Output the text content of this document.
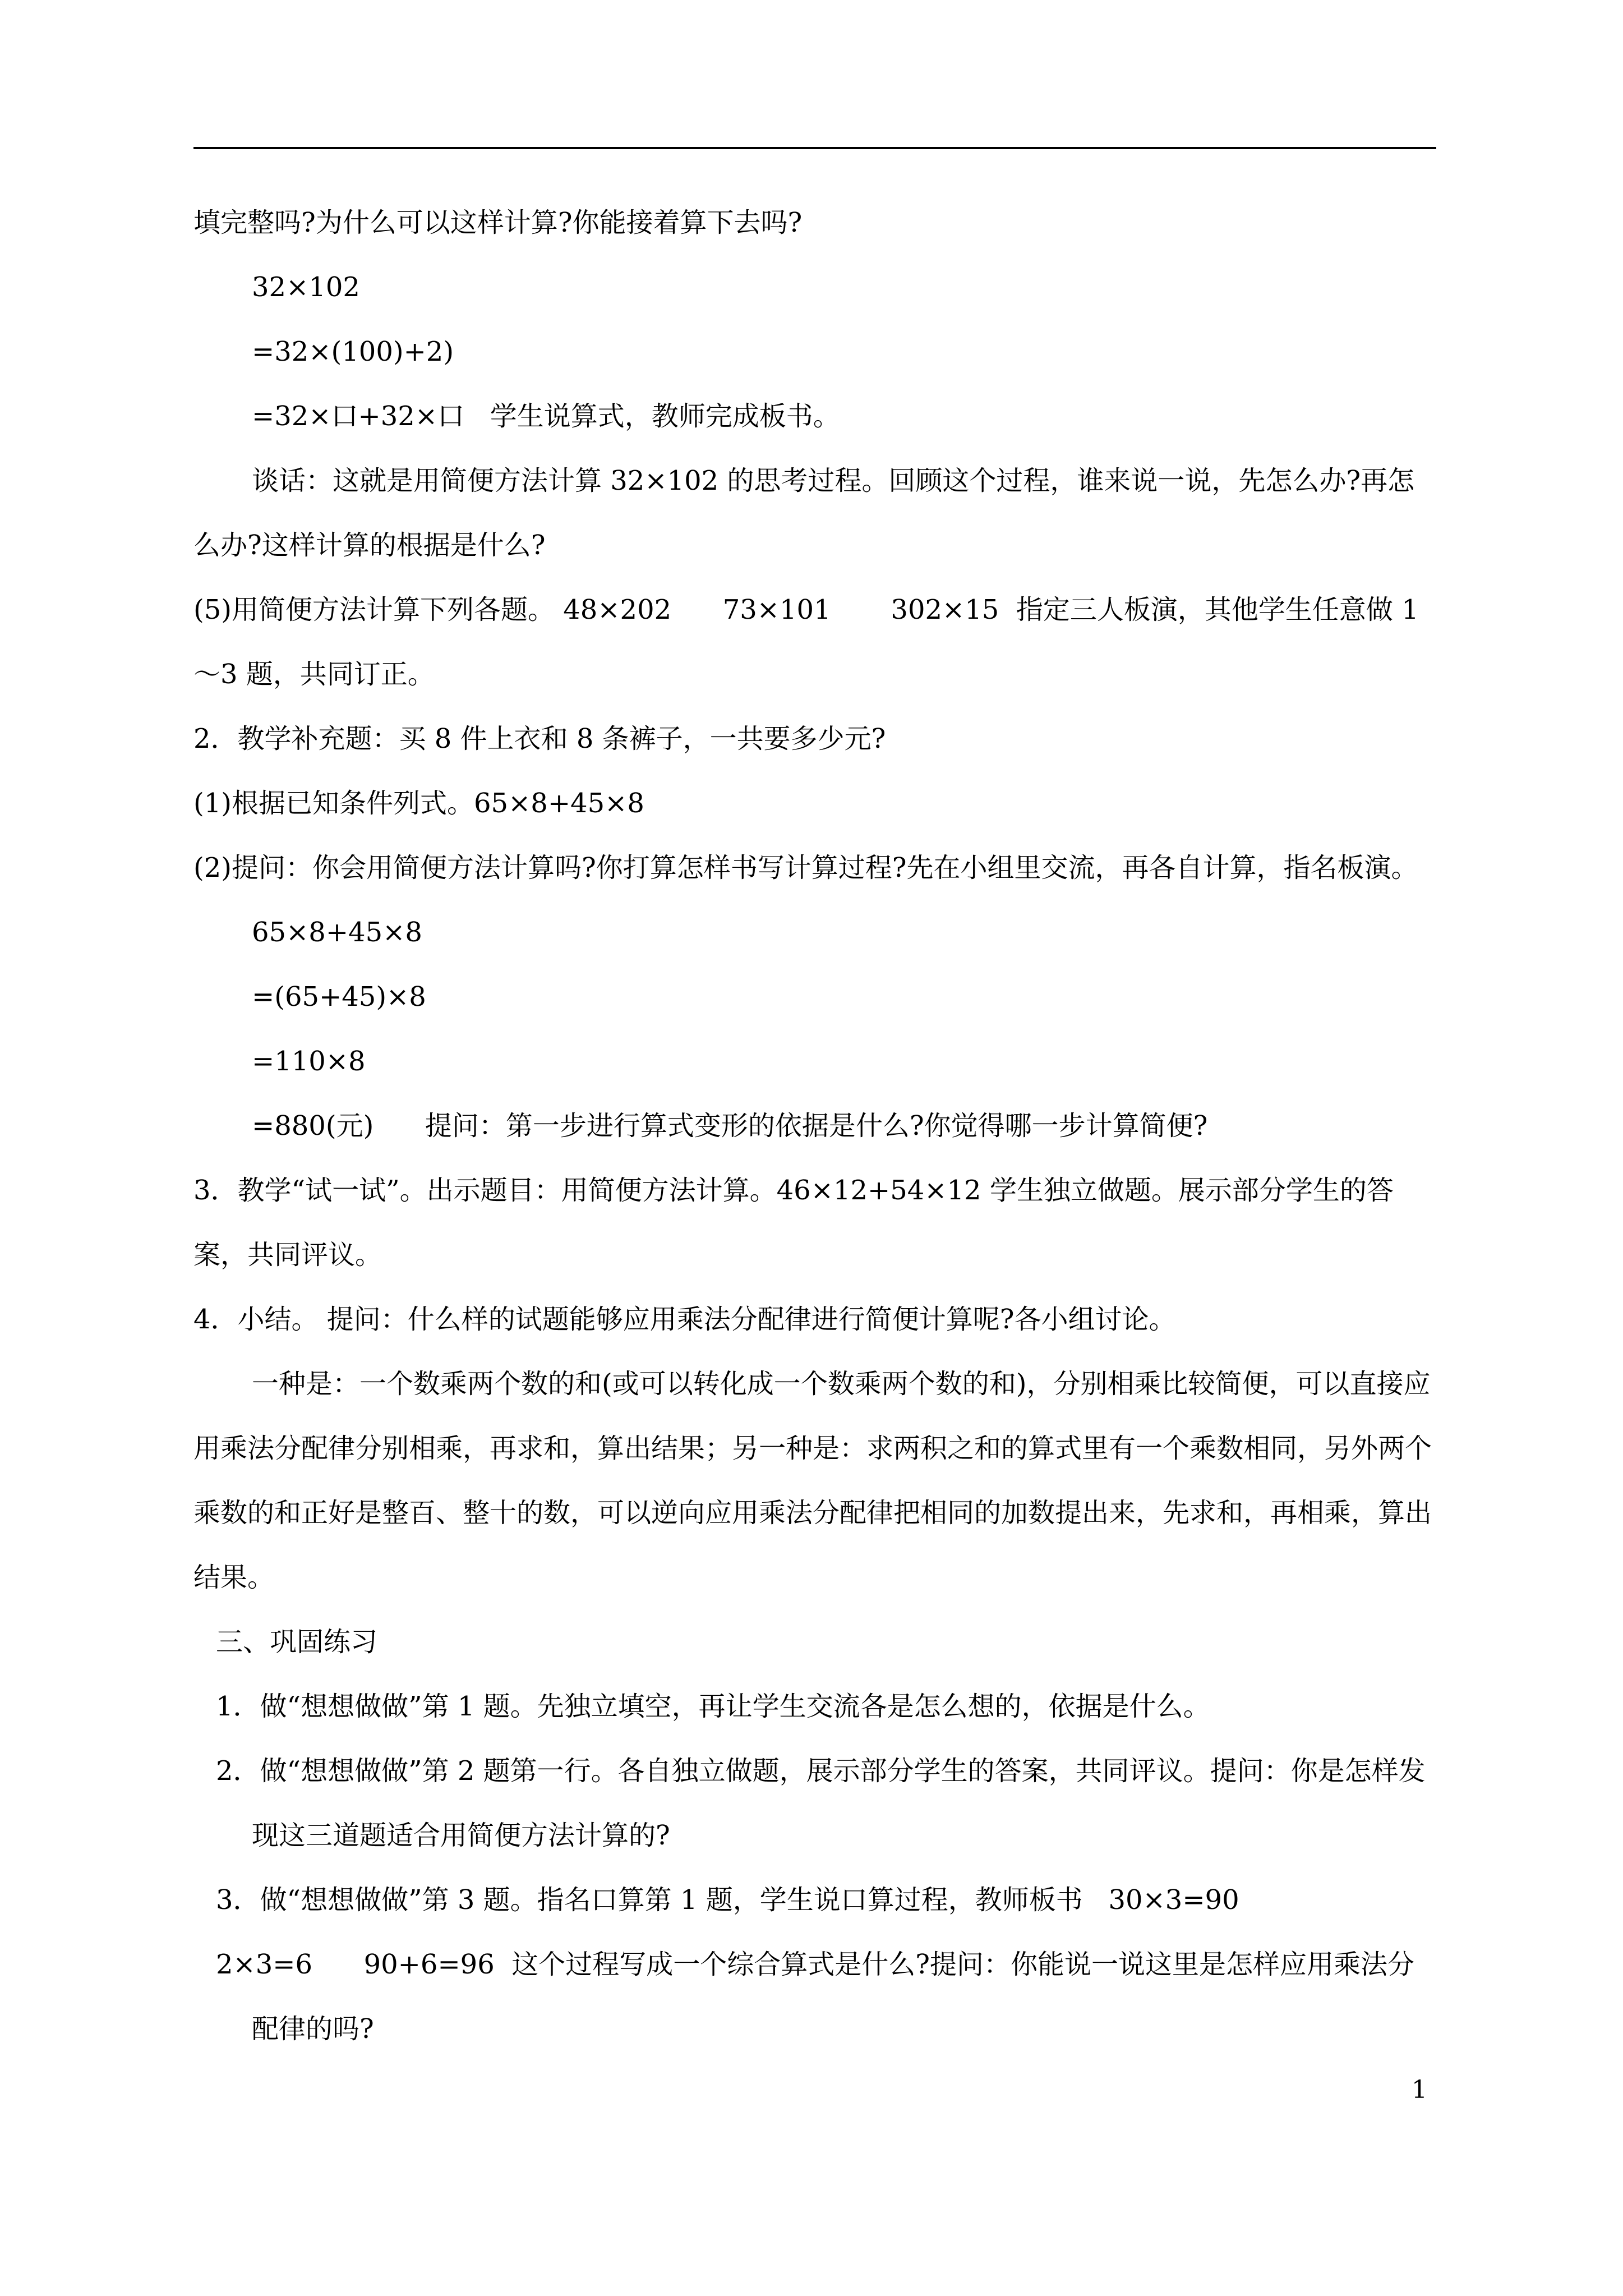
填完整吗?为什么可以这样计算?你能接着算下去吗?

32×102

=32×(100)+2)

=32×口+32×口   学生说算式，教师完成板书。

谈话：这就是用简便方法计算 32×102 的思考过程。回顾这个过程，谁来说一说，先怎么办?再怎么办?这样计算的根据是什么?

(5)用简便方法计算下列各题。 48×202      73×101       302×15  指定三人板演，其他学生任意做 1～3 题，共同订正。

2．教学补充题：买 8 件上衣和 8 条裤子，一共要多少元?

(1)根据已知条件列式。65×8+45×8

(2)提问：你会用简便方法计算吗?你打算怎样书写计算过程?先在小组里交流，再各自计算，指名板演。

65×8+45×8

=(65+45)×8

=110×8

=880(元)      提问：第一步进行算式变形的依据是什么?你觉得哪一步计算简便?

3．教学“试一试”。出示题目：用简便方法计算。46×12+54×12 学生独立做题。展示部分学生的答案，共同评议。

4．小结。 提问：什么样的试题能够应用乘法分配律进行简便计算呢?各小组讨论。

一种是：一个数乘两个数的和(或可以转化成一个数乘两个数的和)，分别相乘比较简便，可以直接应用乘法分配律分别相乘，再求和，算出结果；另一种是：求两积之和的算式里有一个乘数相同，另外两个乘数的和正好是整百、整十的数，可以逆向应用乘法分配律把相同的加数提出来，先求和，再相乘，算出结果。

三、巩固练习

1．做“想想做做”第 1 题。先独立填空，再让学生交流各是怎么想的，依据是什么。

2．做“想想做做”第 2 题第一行。各自独立做题，展示部分学生的答案，共同评议。提问：你是怎样发现这三道题适合用简便方法计算的?

3．做“想想做做”第 3 题。指名口算第 1 题，学生说口算过程，教师板书   30×3=90

2×3=6      90+6=96  这个过程写成一个综合算式是什么?提问：你能说一说这里是怎样应用乘法分配律的吗?

1
